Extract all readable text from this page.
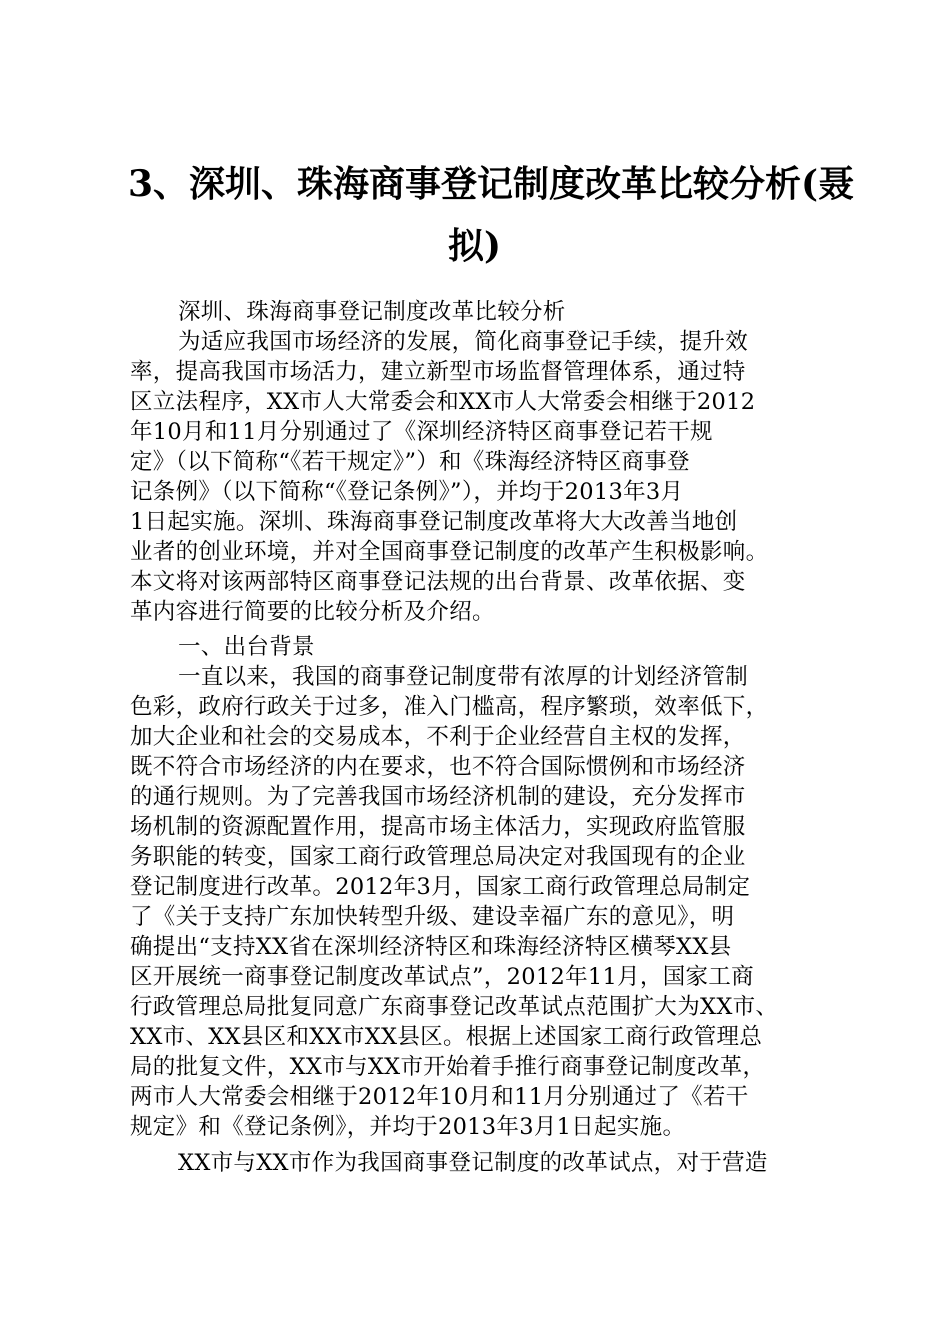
3、深圳、珠海商事登记制度改革比较分析(聂
拟)
深圳、珠海商事登记制度改革比较分析
为适应我国市场经济的发展，简化商事登记手续，提升效
率，提高我国市场活力，建立新型市场监督管理体系，通过特
区立法程序，XX市人大常委会和XX市人大常委会相继于2012
年10月和11月分别通过了《深圳经济特区商事登记若干规
定》（以下简称“《若干规定》”）和《珠海经济特区商事登
记条例》（以下简称“《登记条例》”），并均于2013年3月
1日起实施。深圳、珠海商事登记制度改革将大大改善当地创
业者的创业环境，并对全国商事登记制度的改革产生积极影响。
本文将对该两部特区商事登记法规的出台背景、改革依据、变
革内容进行简要的比较分析及介绍。
一、出台背景
一直以来，我国的商事登记制度带有浓厚的计划经济管制
色彩，政府行政关于过多，准入门槛高，程序繁琐，效率低下，
加大企业和社会的交易成本，不利于企业经营自主权的发挥，
既不符合市场经济的内在要求，也不符合国际惯例和市场经济
的通行规则。为了完善我国市场经济机制的建设，充分发挥市
场机制的资源配置作用，提高市场主体活力，实现政府监管服
务职能的转变，国家工商行政管理总局决定对我国现有的企业
登记制度进行改革。2012年3月，国家工商行政管理总局制定
了《关于支持广东加快转型升级、建设幸福广东的意见》，明
确提出“支持XX省在深圳经济特区和珠海经济特区横琴XX县
区开展统一商事登记制度改革试点”，2012年11月，国家工商
行政管理总局批复同意广东商事登记改革试点范围扩大为XX市、
XX市、XX县区和XX市XX县区。根据上述国家工商行政管理总
局的批复文件，XX市与XX市开始着手推行商事登记制度改革，
两市人大常委会相继于2012年10月和11月分别通过了《若干
规定》和《登记条例》，并均于2013年3月1日起实施。
XX市与XX市作为我国商事登记制度的改革试点，对于营造
